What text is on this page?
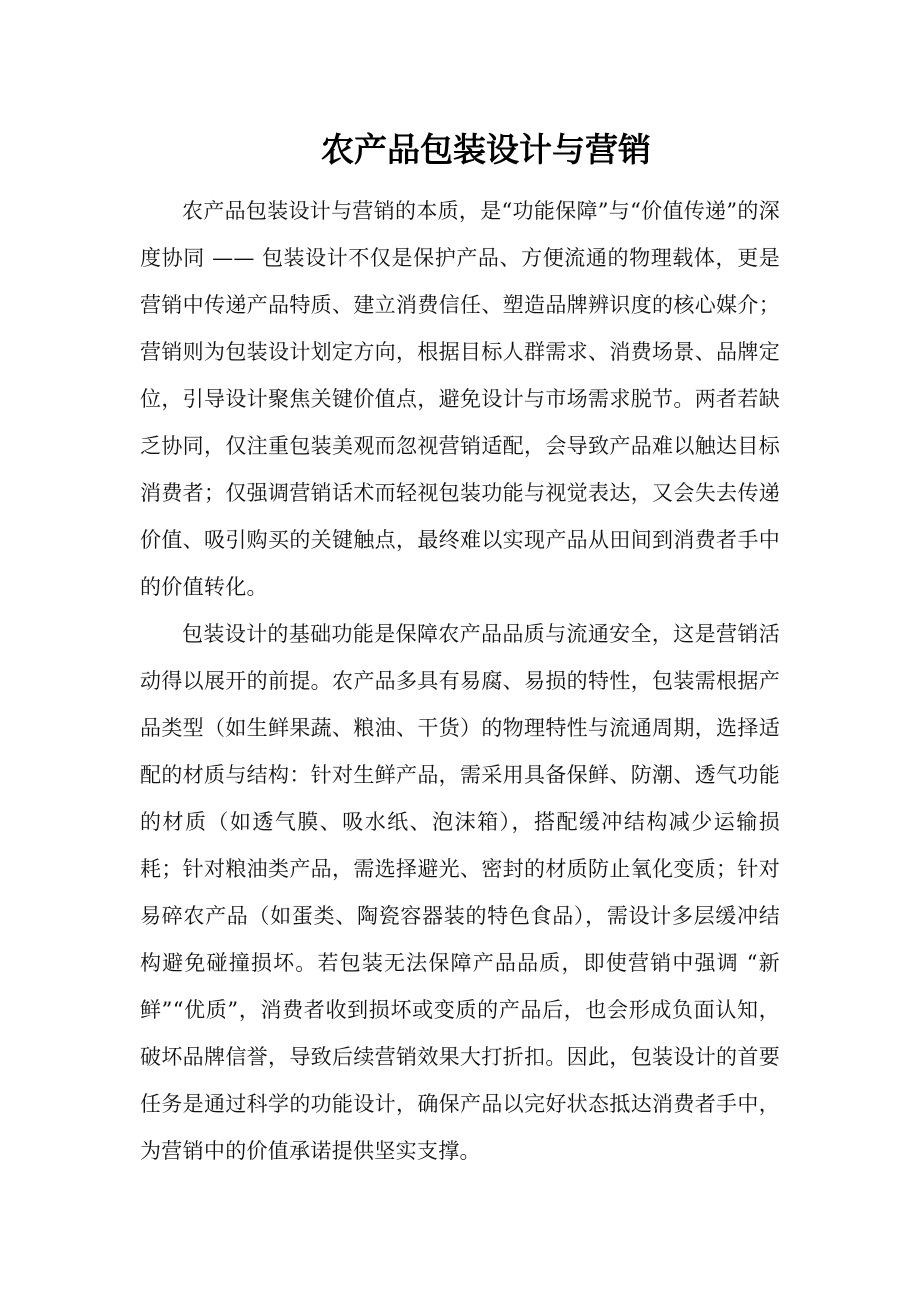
农产品包装设计与营销

农产品包装设计与营销的本质，是“功能保障”与“价值传递”的深度协同 —— 包装设计不仅是保护产品、方便流通的物理载体，更是营销中传递产品特质、建立消费信任、塑造品牌辨识度的核心媒介；营销则为包装设计划定方向，根据目标人群需求、消费场景、品牌定位，引导设计聚焦关键价值点，避免设计与市场需求脱节。两者若缺乏协同，仅注重包装美观而忽视营销适配，会导致产品难以触达目标消费者；仅强调营销话术而轻视包装功能与视觉表达，又会失去传递价值、吸引购买的关键触点，最终难以实现产品从田间到消费者手中的价值转化。

包装设计的基础功能是保障农产品品质与流通安全，这是营销活动得以展开的前提。农产品多具有易腐、易损的特性，包装需根据产品类型（如生鲜果蔬、粮油、干货）的物理特性与流通周期，选择适配的材质与结构：针对生鲜产品，需采用具备保鲜、防潮、透气功能的材质（如透气膜、吸水纸、泡沫箱），搭配缓冲结构减少运输损耗；针对粮油类产品，需选择避光、密封的材质防止氧化变质；针对易碎农产品（如蛋类、陶瓷容器装的特色食品），需设计多层缓冲结构避免碰撞损坏。若包装无法保障产品品质，即使营销中强调 “新鲜”“优质”，消费者收到损坏或变质的产品后，也会形成负面认知，破坏品牌信誉，导致后续营销效果大打折扣。因此，包装设计的首要任务是通过科学的功能设计，确保产品以完好状态抵达消费者手中，为营销中的价值承诺提供坚实支撑。
